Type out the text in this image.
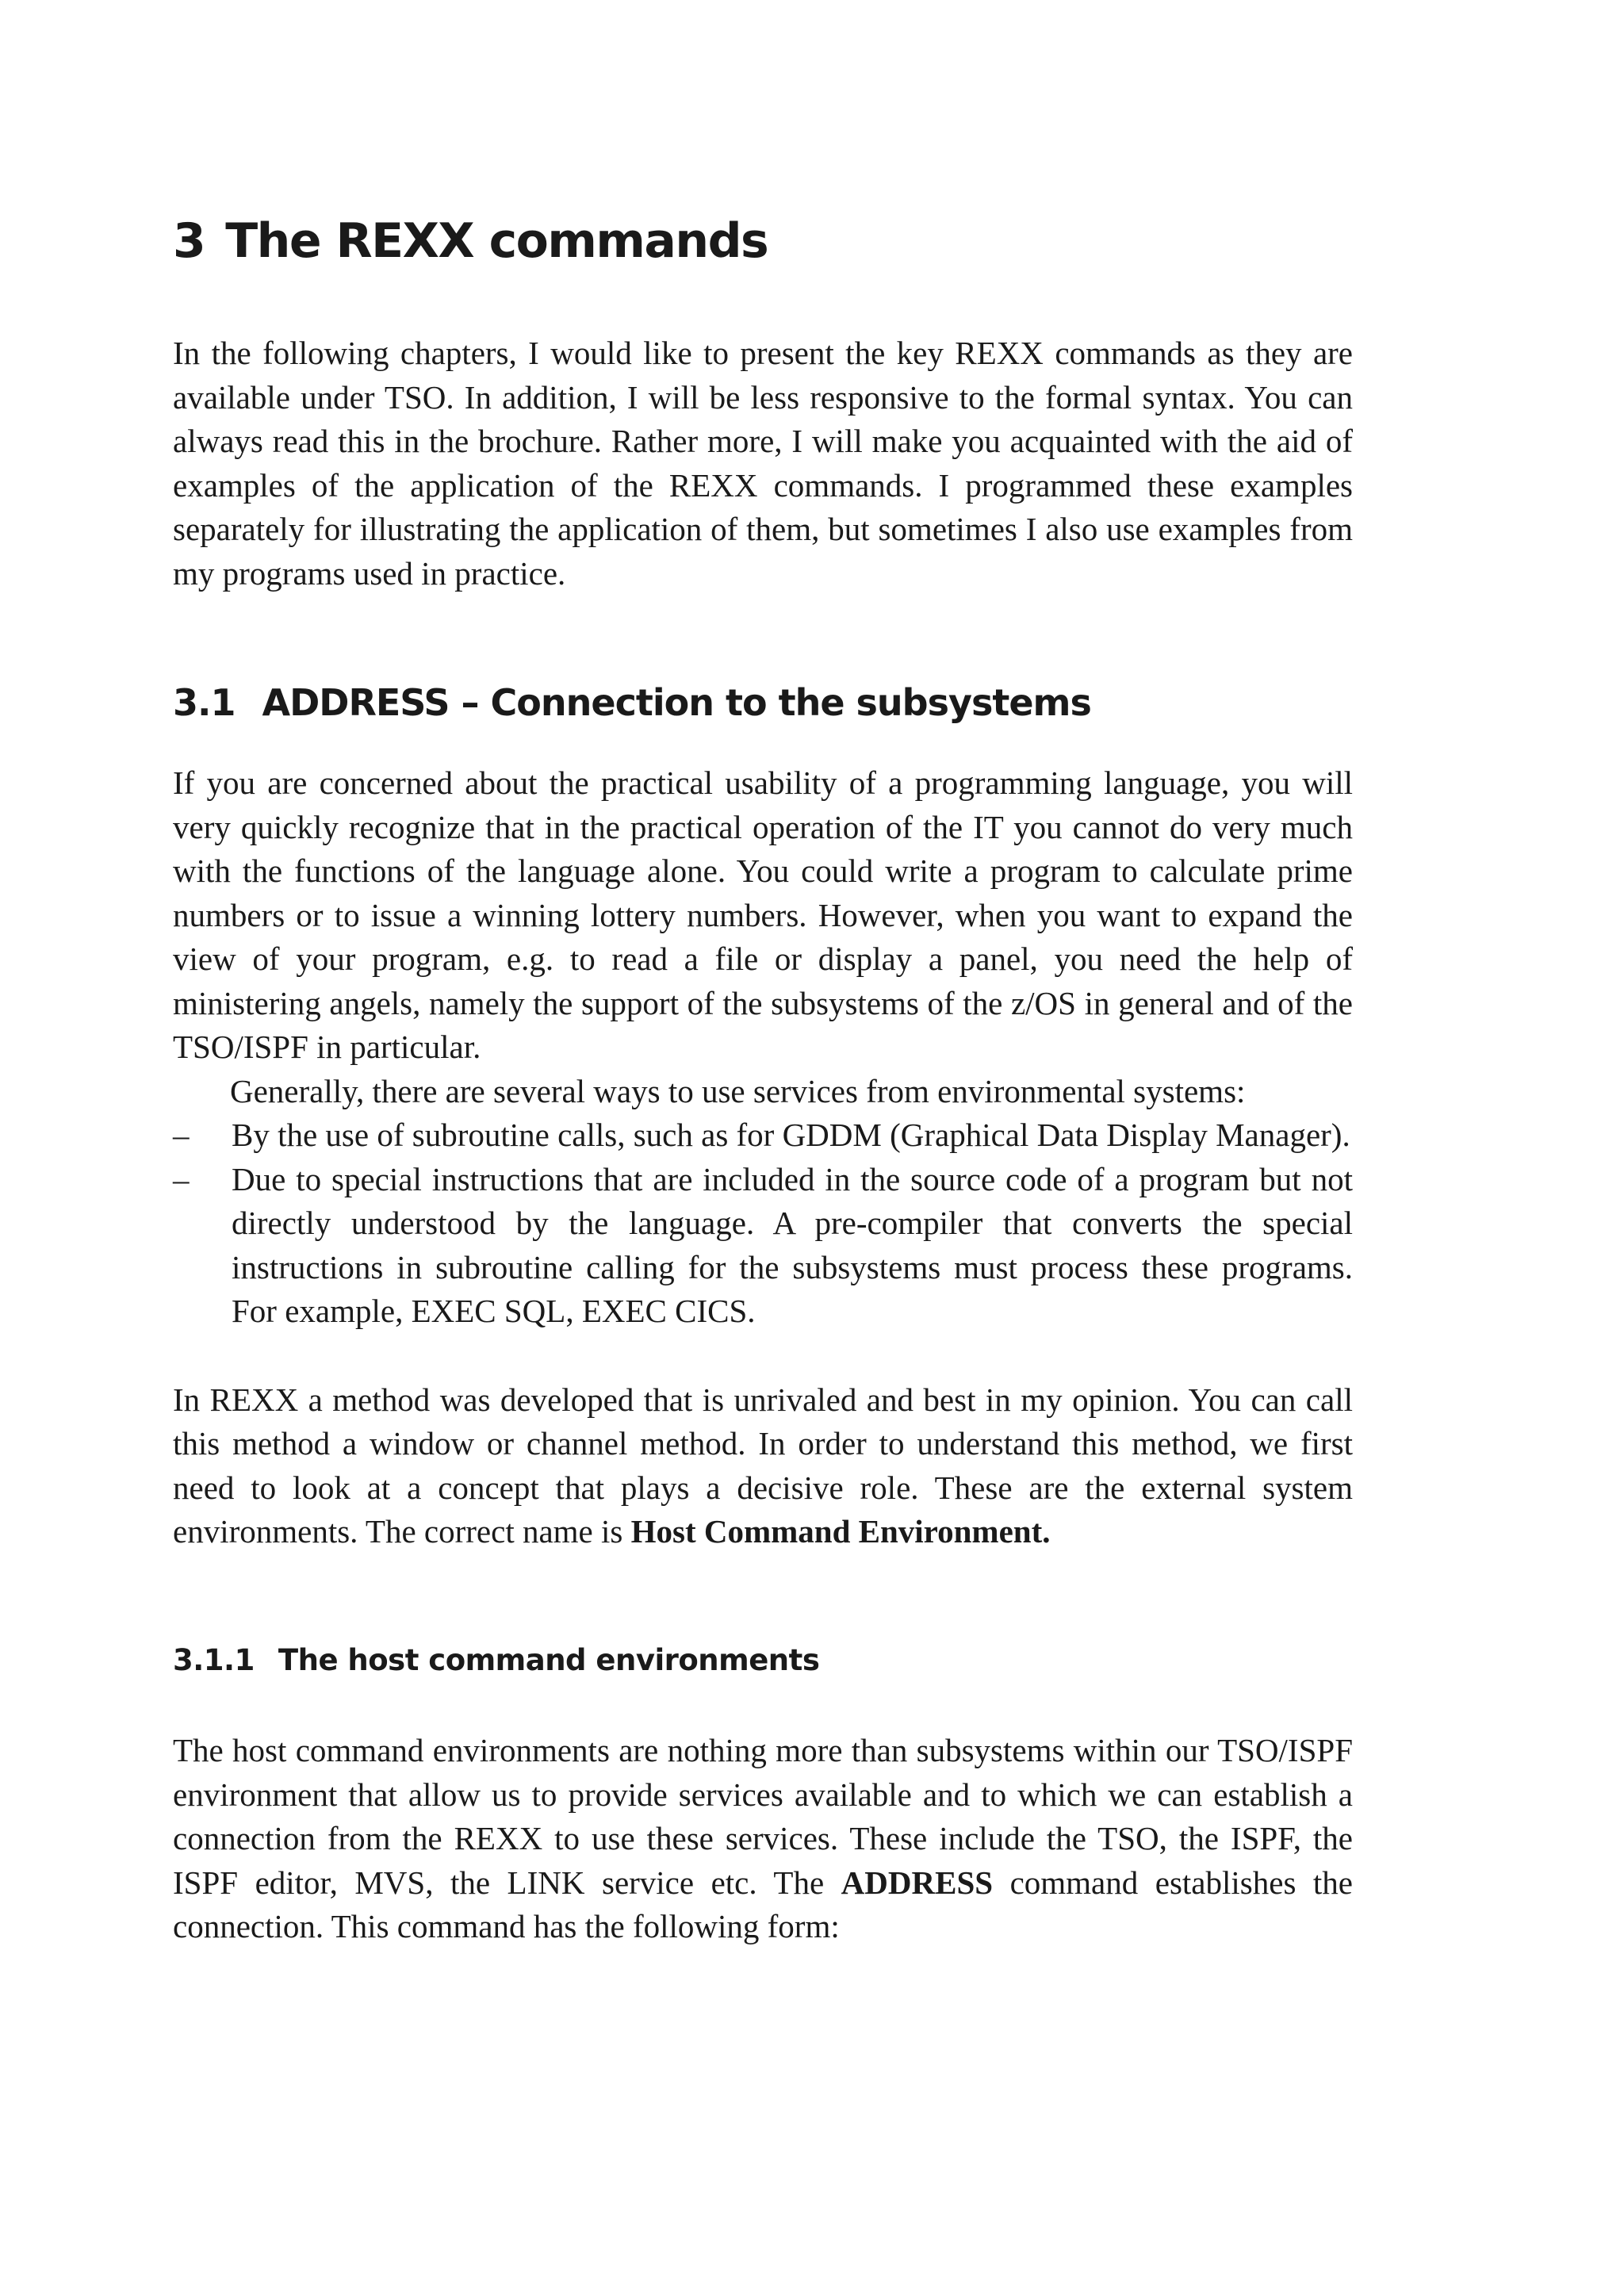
3 The REXX commands

In the following chapters, I would like to present the key REXX commands as they are available under TSO. In addition, I will be less responsive to the formal syntax. You can always read this in the brochure. Rather more, I will make you acquainted with the aid of examples of the application of the REXX commands. I programmed these examples separately for illustrating the application of them, but sometimes I also use examples from my programs used in practice.

3.1 ADDRESS – Connection to the subsystems

If you are concerned about the practical usability of a programming language, you will very quickly recognize that in the practical operation of the IT you cannot do very much with the functions of the language alone. You could write a program to calculate prime numbers or to issue a winning lottery numbers. However, when you want to expand the view of your program, e.g. to read a file or display a panel, you need the help of ministering angels, namely the support of the subsystems of the z/OS in general and of the TSO/ISPF in particular.

Generally, there are several ways to use services from environmental systems:

– By the use of subroutine calls, such as for GDDM (Graphical Data Display Manager).
– Due to special instructions that are included in the source code of a program but not directly understood by the language. A pre-compiler that converts the special instructions in subroutine calling for the subsystems must process these programs. For example, EXEC SQL, EXEC CICS.

In REXX a method was developed that is unrivaled and best in my opinion. You can call this method a window or channel method. In order to understand this method, we first need to look at a concept that plays a decisive role. These are the external system environments. The correct name is Host Command Environment.

3.1.1 The host command environments

The host command environments are nothing more than subsystems within our TSO/ISPF environment that allow us to provide services available and to which we can establish a connection from the REXX to use these services. These include the TSO, the ISPF, the ISPF editor, MVS, the LINK service etc. The ADDRESS command establishes the connection. This command has the following form:
